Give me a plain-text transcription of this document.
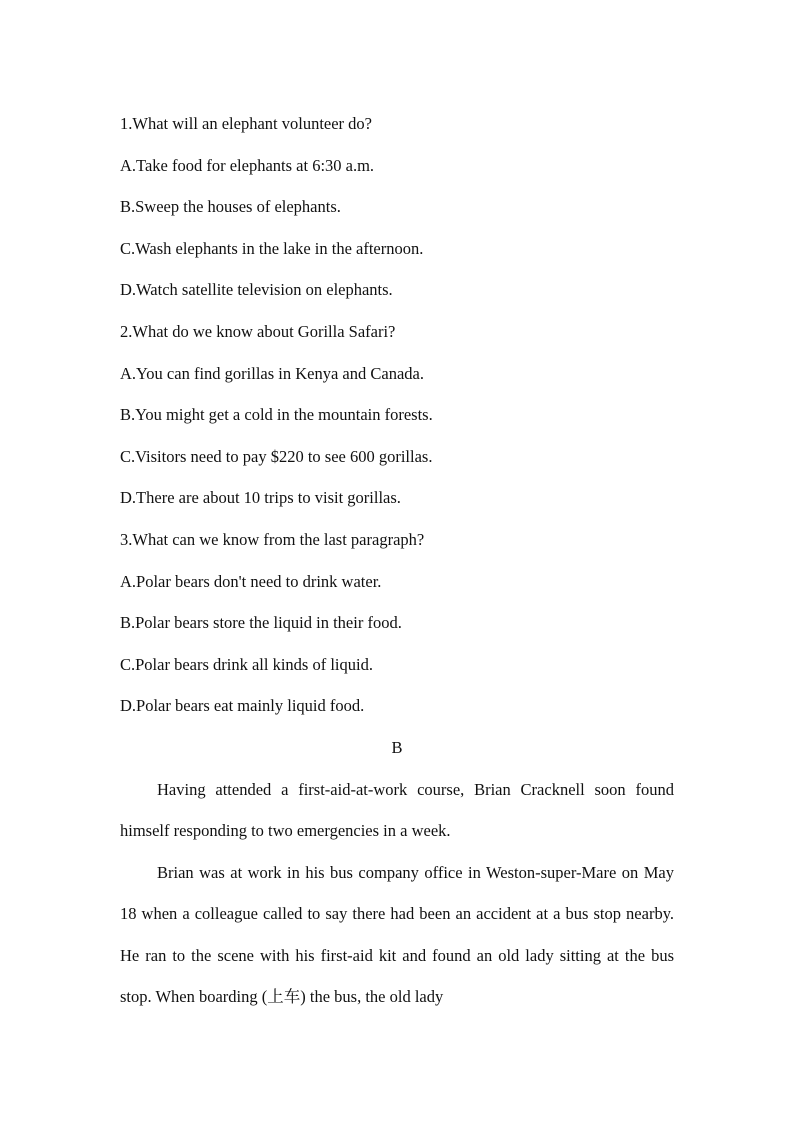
1.What will an elephant volunteer do?
A.Take food for elephants at 6:30 a.m.
B.Sweep the houses of elephants.
C.Wash elephants in the lake in the afternoon.
D.Watch satellite television on elephants.
2.What do we know about Gorilla Safari?
A.You can find gorillas in Kenya and Canada.
B.You might get a cold in the mountain forests.
C.Visitors need to pay $220 to see 600 gorillas.
D.There are about 10 trips to visit gorillas.
3.What can we know from the last paragraph?
A.Polar bears don't need to drink water.
B.Polar bears store the liquid in their food.
C.Polar bears drink all kinds of liquid.
D.Polar bears eat mainly liquid food.
B

Having attended a first-aid-at-work course, Brian Cracknell soon found himself responding to two emergencies in a week.

Brian was at work in his bus company office in Weston-super-Mare on May 18 when a colleague called to say there had been an accident at a bus stop nearby. He ran to the scene with his first-aid kit and found an old lady sitting at the bus stop. When boarding (上车) the bus, the old lady
